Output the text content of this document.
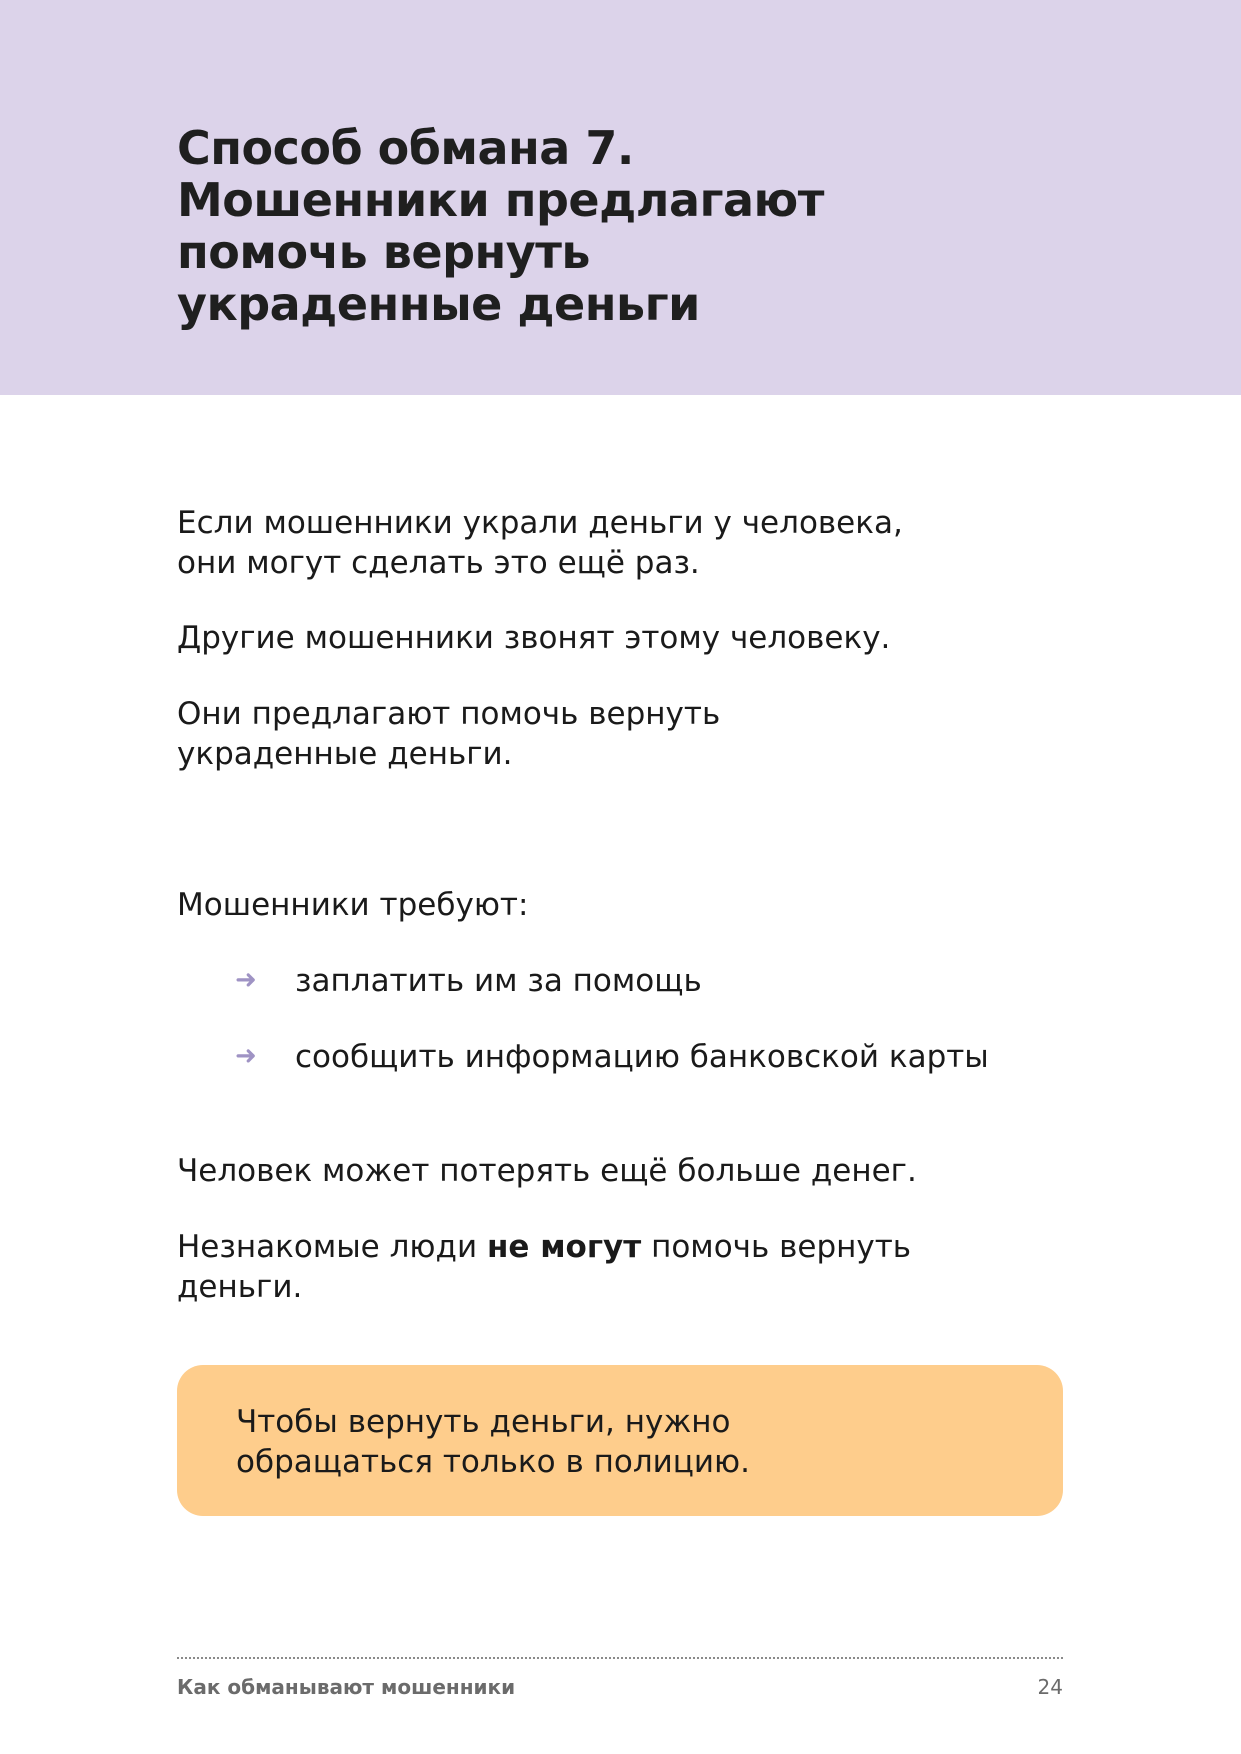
Способ обмана 7.
Мошенники предлагают
помочь вернуть
украденные деньги

Если мошенники украли деньги у человека,
они могут сделать это ещё раз.

Другие мошенники звонят этому человеку.

Они предлагают помочь вернуть
украденные деньги.

Мошенники требуют:

➜ заплатить им за помощь
➜ сообщить информацию банковской карты

Человек может потерять ещё больше денег.

Незнакомые люди не могут помочь вернуть
деньги.

Чтобы вернуть деньги, нужно
обращаться только в полицию.

Как обманывают мошенники	24
